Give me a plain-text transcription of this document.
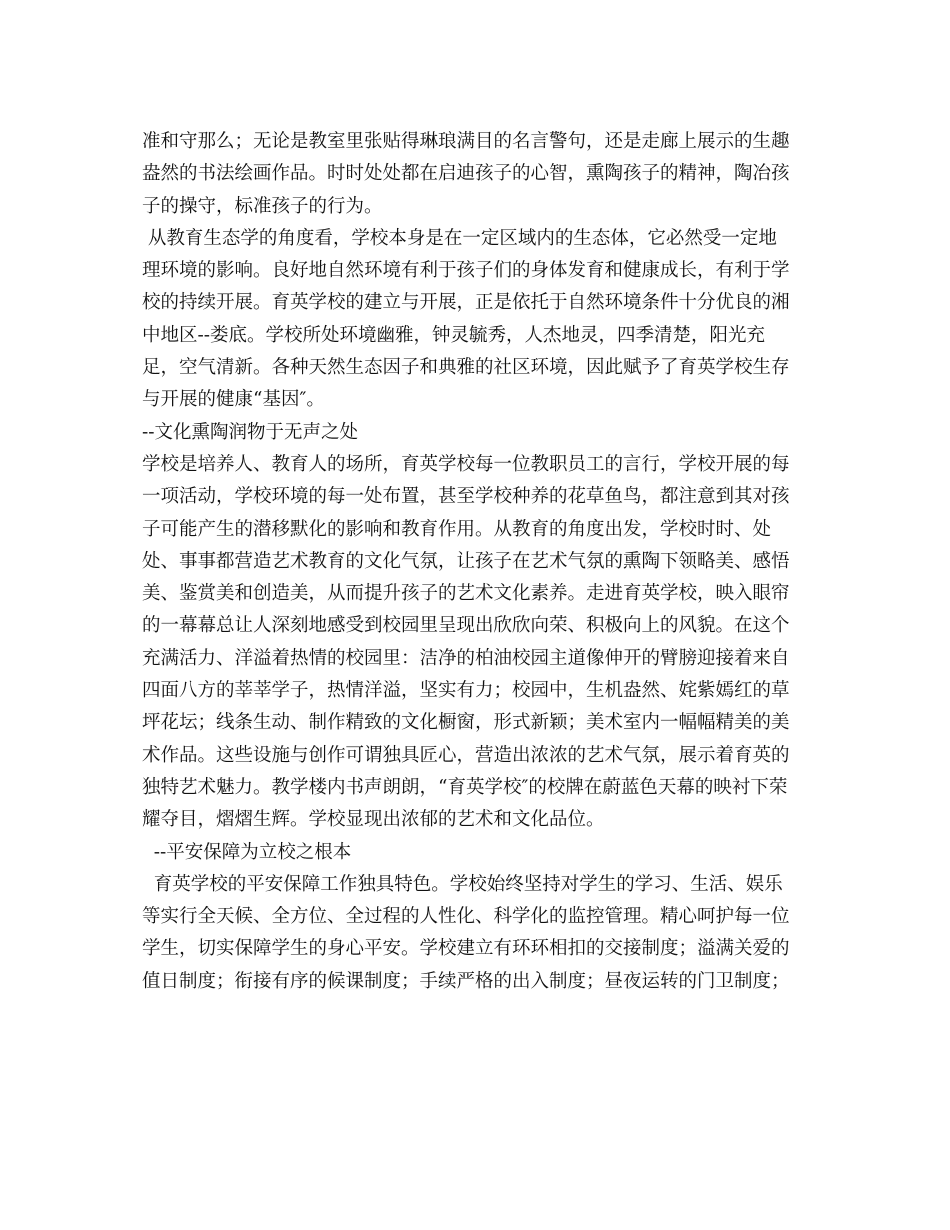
准和守那么；无论是教室里张贴得琳琅满目的名言警句，还是走廊上展示的生趣
盎然的书法绘画作品。时时处处都在启迪孩子的心智，熏陶孩子的精神，陶冶孩
子的操守，标准孩子的行为。
从教育生态学的角度看，学校本身是在一定区域内的生态体，它必然受一定地
理环境的影响。良好地自然环境有利于孩子们的身体发育和健康成长，有利于学
校的持续开展。育英学校的建立与开展，正是依托于自然环境条件十分优良的湘
中地区--娄底。学校所处环境幽雅，钟灵毓秀，人杰地灵，四季清楚，阳光充
足，空气清新。各种天然生态因子和典雅的社区环境，因此赋予了育英学校生存
与开展的健康“基因″。
--文化熏陶润物于无声之处
学校是培养人、教育人的场所，育英学校每一位教职员工的言行，学校开展的每
一项活动，学校环境的每一处布置，甚至学校种养的花草鱼鸟，都注意到其对孩
子可能产生的潜移默化的影响和教育作用。从教育的角度出发，学校时时、处
处、事事都营造艺术教育的文化气氛，让孩子在艺术气氛的熏陶下领略美、感悟
美、鉴赏美和创造美，从而提升孩子的艺术文化素养。走进育英学校，映入眼帘
的一幕幕总让人深刻地感受到校园里呈现出欣欣向荣、积极向上的风貌。在这个
充满活力、洋溢着热情的校园里：洁净的柏油校园主道像伸开的臂膀迎接着来自
四面八方的莘莘学子，热情洋溢，坚实有力；校园中，生机盎然、姹紫嫣红的草
坪花坛；线条生动、制作精致的文化橱窗，形式新颖；美术室内一幅幅精美的美
术作品。这些设施与创作可谓独具匠心，营造出浓浓的艺术气氛，展示着育英的
独特艺术魅力。教学楼内书声朗朗，“育英学校″的校牌在蔚蓝色天幕的映衬下荣
耀夺目，熠熠生辉。学校显现出浓郁的艺术和文化品位。
--平安保障为立校之根本
育英学校的平安保障工作独具特色。学校始终坚持对学生的学习、生活、娱乐
等实行全天候、全方位、全过程的人性化、科学化的监控管理。精心呵护每一位
学生，切实保障学生的身心平安。学校建立有环环相扣的交接制度；溢满关爱的
值日制度；衔接有序的候课制度；手续严格的出入制度；昼夜运转的门卫制度；
